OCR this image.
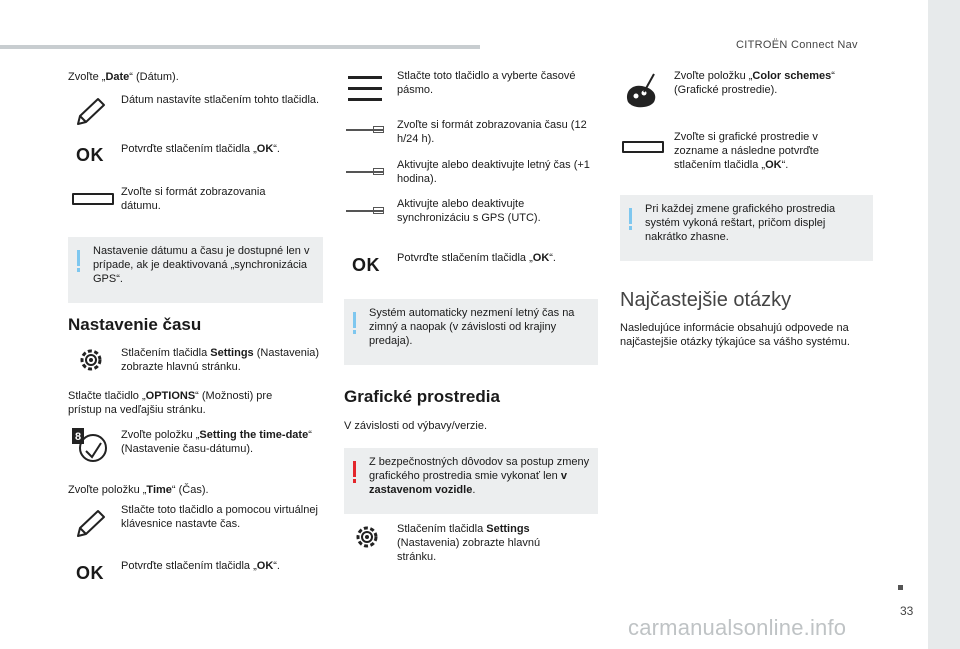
CITROËN Connect Nav
33
carmanualsonline.info
Zvoľte „Date“ (Dátum).
Dátum nastavíte stlačením tohto tlačidla.
OK Potvrďte stlačením tlačidla „OK“.
Zvoľte si formát zobrazovania dátumu.
Nastavenie dátumu a času je dostupné len v prípade, ak je deaktivovaná „synchronizácia GPS“.
Nastavenie času
Stlačením tlačidla Settings (Nastavenia) zobrazte hlavnú stránku.
Stlačte tlačidlo „OPTIONS“ (Možnosti) pre prístup na vedľajšiu stránku.
8	Zvoľte položku „Setting the time-date“ (Nastavenie času-dátumu).
Zvoľte položku „Time“ (Čas).
Stlačte toto tlačidlo a pomocou virtuálnej klávesnice nastavte čas.
OK Potvrďte stlačením tlačidla „OK“.
Stlačte toto tlačidlo a vyberte časové pásmo.
Zvoľte si formát zobrazovania času (12 h/24 h).
Aktivujte alebo deaktivujte letný čas (+1 hodina).
Aktivujte alebo deaktivujte synchronizáciu s GPS (UTC).
OK Potvrďte stlačením tlačidla „OK“.
Systém automaticky nezmení letný čas na zimný a naopak (v závislosti od krajiny predaja).
Grafické prostredia
V závislosti od výbavy/verzie.
Z bezpečnostných dôvodov sa postup zmeny grafického prostredia smie vykonať len v zastavenom vozidle.
Stlačením tlačidla Settings (Nastavenia) zobrazte hlavnú stránku.
Zvoľte položku „Color schemes“ (Grafické prostredie).
Zvoľte si grafické prostredie v zozname a následne potvrďte stlačením tlačidla „OK“.
Pri každej zmene grafického prostredia systém vykoná reštart, pričom displej nakrátko zhasne.
Najčastejšie otázky
Nasledujúce informácie obsahujú odpovede na najčastejšie otázky týkajúce sa vášho systému.
